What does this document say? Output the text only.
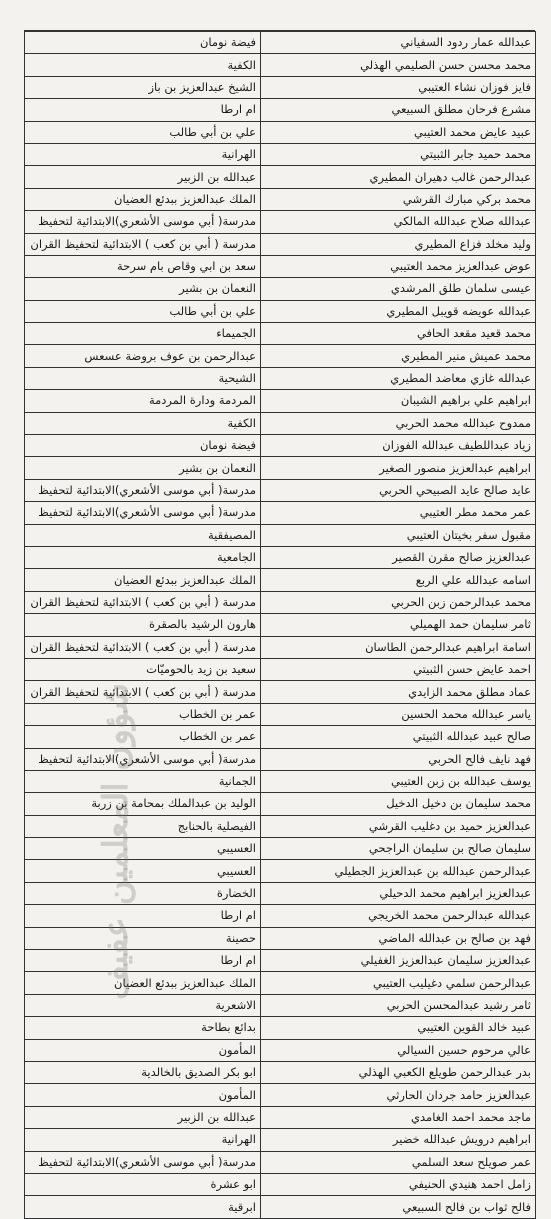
عبدالله عمار ردود السفياني	فيضة نومان
محمد محسن حسن الصليمي الهذلي	الكفية
فايز فوزان نشاء العتيبي	الشيخ عبدالعزيز بن باز
مشرع فرحان مطلق السبيعي	ام ارطا
عبيد عايض محمد العتيبي	علي بن أبي طالب
محمد حميد جابر الثبيتي	الهرانية
عبدالرحمن غالب دهيران المطيري	عبدالله بن الزبير
محمد بركي مبارك القرشي	الملك عبدالعزيز ببدئع العضيان
عبدالله صلاح عبدالله المالكي	مدرسة( أبي موسى الأشعري)الابتدائية لتحفيظ
وليد مخلد فزاع المطيري	مدرسة ( أبي بن كعب ) الابتدائية لتحفيظ القران
عوض عبدالعزيز محمد العتيبي	سعد بن ابي وقاص بام سرحة
عيسى سلمان طلق المرشدي	النعمان بن بشير
عبدالله عويضه قويبل المطيري	علي بن أبي طالب
محمد قعيد مقعد الحافي	الجميماء
محمد عميش منير المطيري	عبدالرحمن بن عوف بروضة عسعس
عبدالله غازي معاضد المطيري	الشيحية
ابراهيم علي براهيم الشيبان	المردمة ودارة المردمة
ممدوح عبدالله محمد الحربي	الكفية
زياد عبداللطيف عبدالله الفوزان	فيضة نومان
ابراهيم عبدالعزيز منصور الصغير	النعمان بن بشير
عايد صالح عايد الصبيحي الحربي	مدرسة( أبي موسى الأشعري)الابتدائية لتحفيظ
عمر محمد مطر العتيبي	مدرسة( أبي موسى الأشعري)الابتدائية لتحفيظ
مقبول سفر بخيتان العتيبي	المصيفقية
عبدالعزيز صالح مقرن القصير	الجامعية
اسامه عبدالله علي الربع	الملك عبدالعزيز ببدئع العضيان
محمد عبدالرحمن زبن الحربي	مدرسة ( أبي بن كعب ) الابتدائية لتحفيظ القران
ثامر سليمان حمد الهميلي	هارون الرشيد بالصقرة
اسامة ابراهيم عبدالرحمن الطاسان	مدرسة ( أبي بن كعب ) الابتدائية لتحفيظ القران
احمد عايض حسن الثبيتي	سعيد بن زيد بالحوميّات
عماد مطلق محمد الزايدي	مدرسة ( أبي بن كعب ) الابتدائية لتحفيظ القران
ياسر عبدالله محمد الحسين	عمر بن الخطاب
صالح عبيد عبدالله الثبيتي	عمر بن الخطاب
فهد نايف فالح الحربي	مدرسة( أبي موسى الأشعري)الابتدائية لتحفيظ
يوسف عبدالله بن زبن العتيبي	الجمانية
محمد سليمان بن دخيل الدخيل	الوليد بن عبدالملك بمحامة بن زربة
عبدالعزيز حميد بن دغليب القرشي	الفيصلية بالحنابج
سليمان صالح بن سليمان الراجحي	العسيبي
عبدالرحمن عبدالله بن عبدالعزيز الجطيلي	العسيبي
عبدالعزيز ابراهيم محمد الدحيلي	الخضارة
عبدالله عبدالرحمن محمد الخريجي	ام ارطا
فهد بن صالح بن عبدالله الماضي	حصينة
عبدالعزيز سليمان عبدالعزيز الغفيلي	ام ارطا
عبدالرحمن سلمي دغيليب العتيبي	الملك عبدالعزيز ببدئع العضيان
ثامر رشيد عبدالمحسن الحربي	الاشعرية
عبيد خالد القوين العتيبي	بدائع بطاحة
عالي مرحوم حسين السيالي	المأمون
بدر عبدالرحمن طويلع الكعبي الهذلي	ابو بكر الصديق بالخالدية
عبدالعزيز حامد جردان الحارثي	المأمون
ماجد محمد احمد الغامدي	عبدالله بن الزبير
ابراهيم درويش عبدالله خضير	الهرانية
عمر صويلح سعد السلمي	مدرسة( أبي موسى الأشعري)الابتدائية لتحفيظ
زامل احمد هنيدي الحنيفي	ابو عشرة
فالح ثواب بن فالح السبيعي	ابرقية
شؤون المعلمين عفيف
